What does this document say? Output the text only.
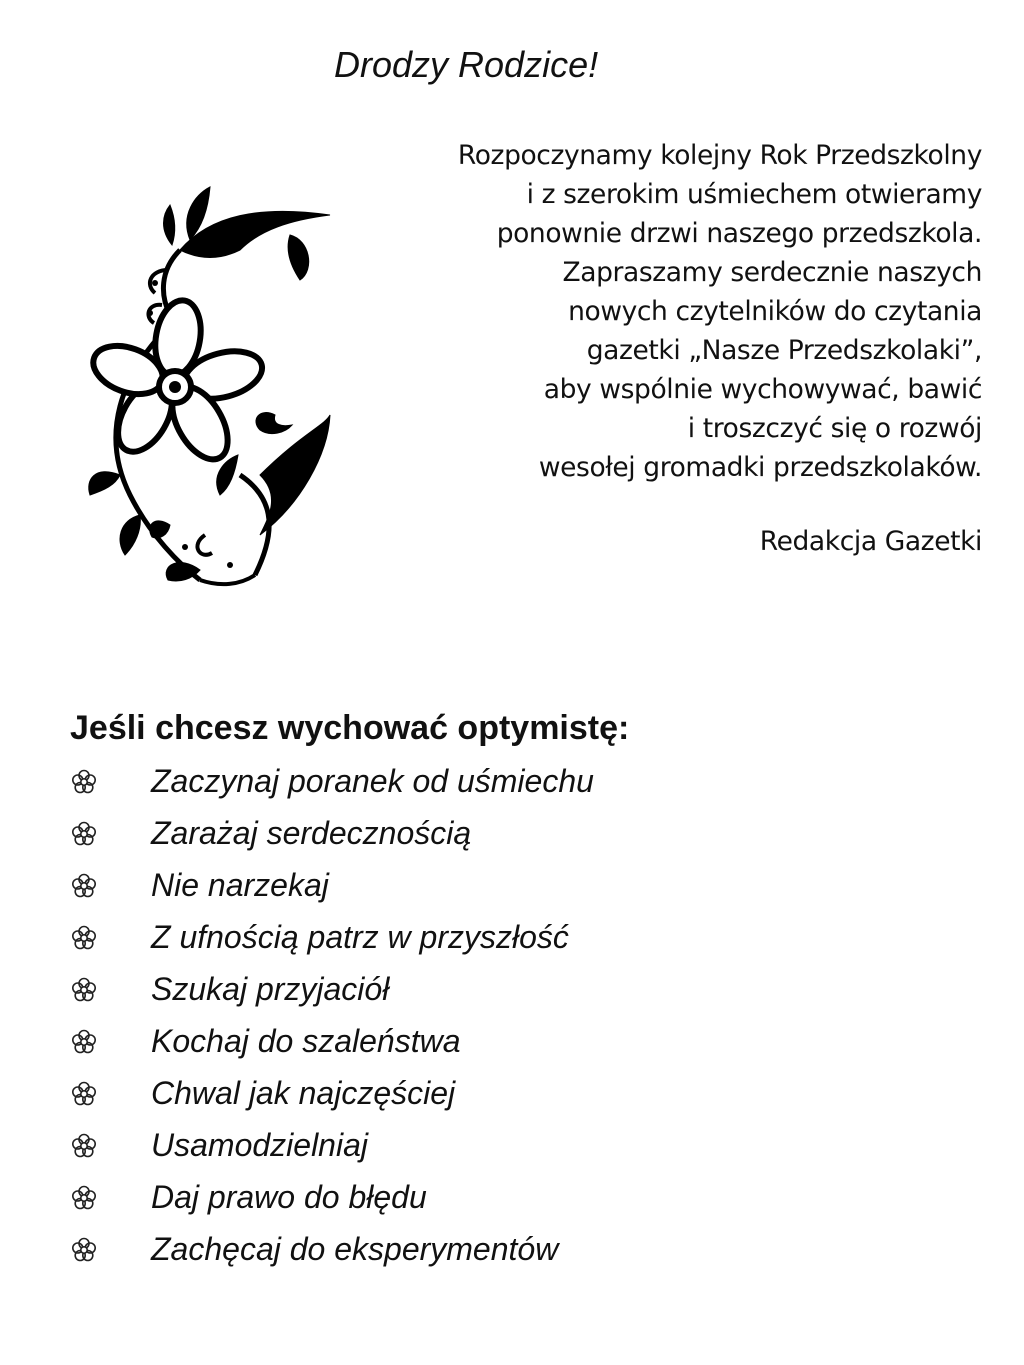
Drodzy Rodzice!
Rozpoczynamy kolejny Rok Przedszkolny
i z szerokim uśmiechem otwieramy
ponownie drzwi naszego przedszkola.
Zapraszamy serdecznie naszych
nowych czytelników do czytania
gazetki „Nasze Przedszkolaki”,
aby wspólnie wychowywać, bawić
i troszczyć się o rozwój
wesołej gromadki przedszkolaków.
Redakcja Gazetki
Jeśli chcesz wychować optymistę:
Zaczynaj poranek od uśmiechu
Zarażaj serdecznością
Nie narzekaj
Z ufnością patrz w przyszłość
Szukaj przyjaciół
Kochaj do szaleństwa
Chwal jak najczęściej
Usamodzielniaj
Daj prawo do błędu
Zachęcaj do eksperymentów
